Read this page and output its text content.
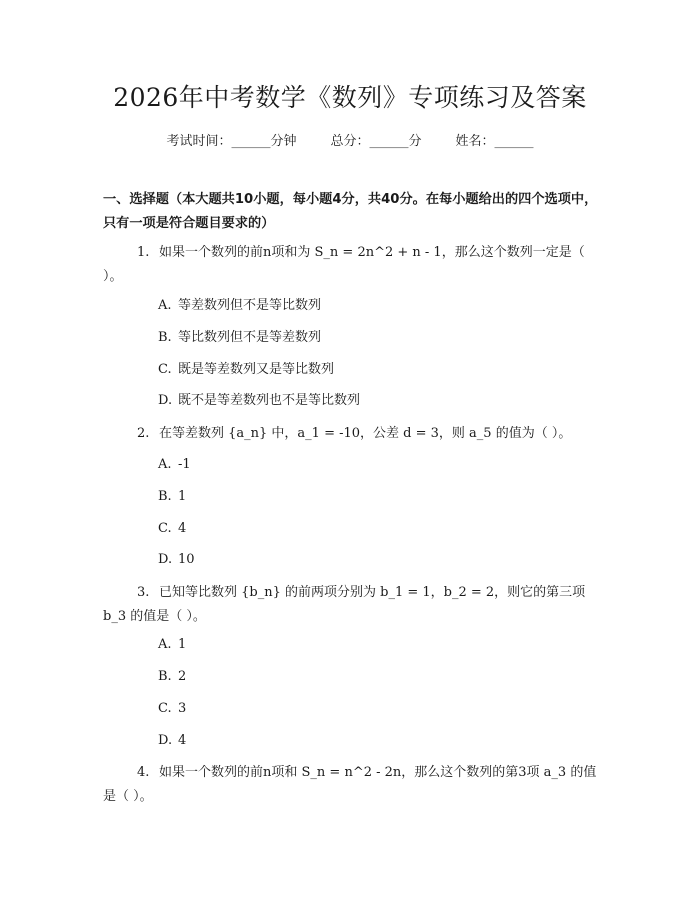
2026年中考数学《数列》专项练习及答案
考试时间：______分钟	总分：______分	姓名：______
一、选择题（本大题共10小题，每小题4分，共40分。在每小题给出的四个选项中，只有一项是符合题目要求的）
1. 如果一个数列的前n项和为 S_n = 2n^2 + n - 1，那么这个数列一定是（ ）。
A. 等差数列但不是等比数列
B. 等比数列但不是等差数列
C. 既是等差数列又是等比数列
D. 既不是等差数列也不是等比数列
2. 在等差数列 {a_n} 中，a_1 = -10，公差 d = 3，则 a_5 的值为（ ）。
A. -1
B. 1
C. 4
D. 10
3. 已知等比数列 {b_n} 的前两项分别为 b_1 = 1，b_2 = 2，则它的第三项 b_3 的值是（ ）。
A. 1
B. 2
C. 3
D. 4
4. 如果一个数列的前n项和 S_n = n^2 - 2n，那么这个数列的第3项 a_3 的值是（ ）。
